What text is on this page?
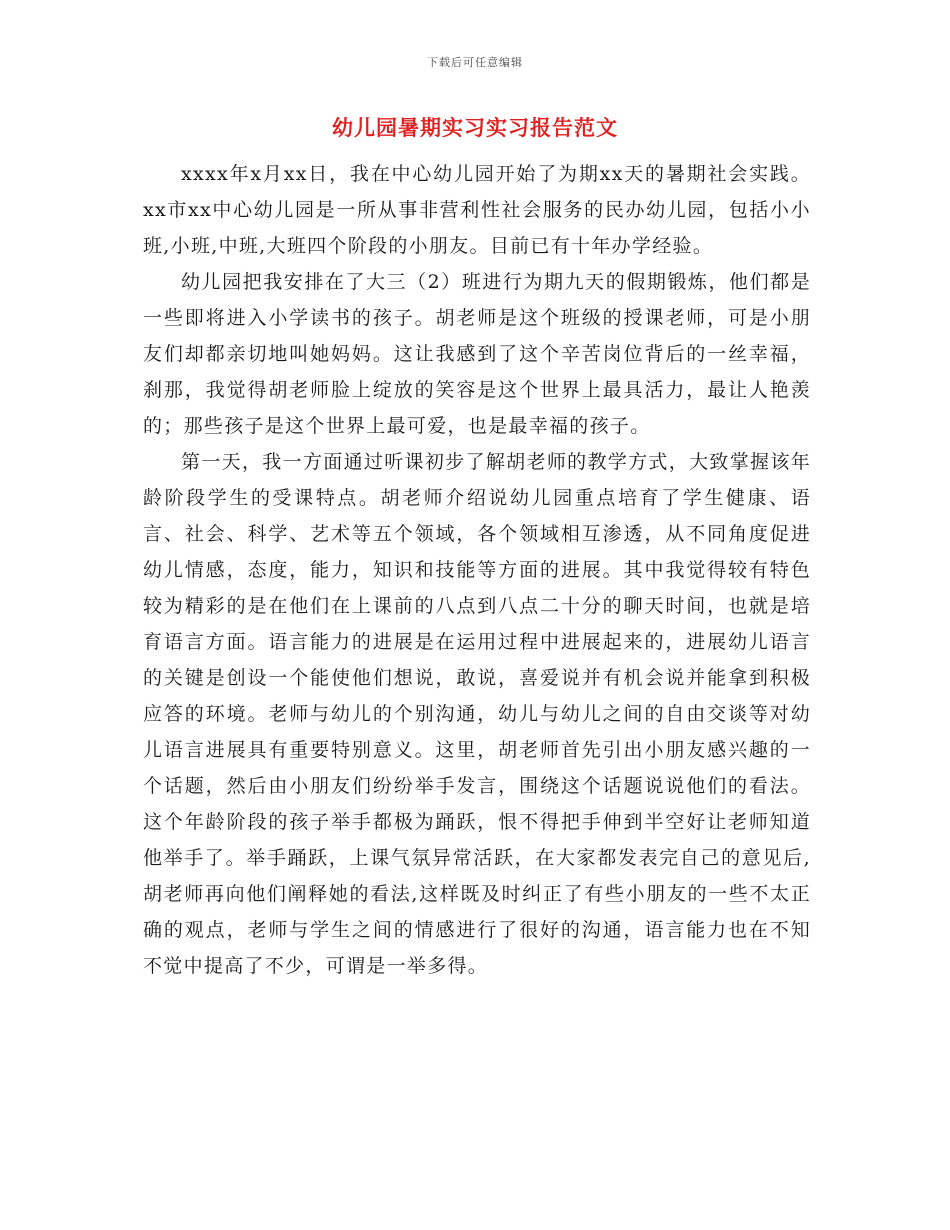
下载后可任意编辑
幼儿园暑期实习实习报告范文

xxxx年x月xx日，我在中心幼儿园开始了为期xx天的暑期社会实践。xx市xx中心幼儿园是一所从事非营利性社会服务的民办幼儿园，包括小小班,小班,中班,大班四个阶段的小朋友。目前已有十年办学经验。

幼儿园把我安排在了大三（2）班进行为期九天的假期锻炼，他们都是一些即将进入小学读书的孩子。胡老师是这个班级的授课老师，可是小朋友们却都亲切地叫她妈妈。这让我感到了这个辛苦岗位背后的一丝幸福，刹那，我觉得胡老师脸上绽放的笑容是这个世界上最具活力，最让人艳羡的；那些孩子是这个世界上最可爱，也是最幸福的孩子。

第一天，我一方面通过听课初步了解胡老师的教学方式，大致掌握该年龄阶段学生的受课特点。胡老师介绍说幼儿园重点培育了学生健康、语言、社会、科学、艺术等五个领域，各个领域相互渗透，从不同角度促进幼儿情感，态度，能力，知识和技能等方面的进展。其中我觉得较有特色较为精彩的是在他们在上课前的八点到八点二十分的聊天时间，也就是培育语言方面。语言能力的进展是在运用过程中进展起来的，进展幼儿语言的关键是创设一个能使他们想说，敢说，喜爱说并有机会说并能拿到积极应答的环境。老师与幼儿的个别沟通，幼儿与幼儿之间的自由交谈等对幼儿语言进展具有重要特别意义。这里，胡老师首先引出小朋友感兴趣的一个话题，然后由小朋友们纷纷举手发言，围绕这个话题说说他们的看法。这个年龄阶段的孩子举手都极为踊跃，恨不得把手伸到半空好让老师知道他举手了。举手踊跃，上课气氛异常活跃，在大家都发表完自己的意见后,胡老师再向他们阐释她的看法,这样既及时纠正了有些小朋友的一些不太正确的观点，老师与学生之间的情感进行了很好的沟通，语言能力也在不知不觉中提高了不少，可谓是一举多得。
